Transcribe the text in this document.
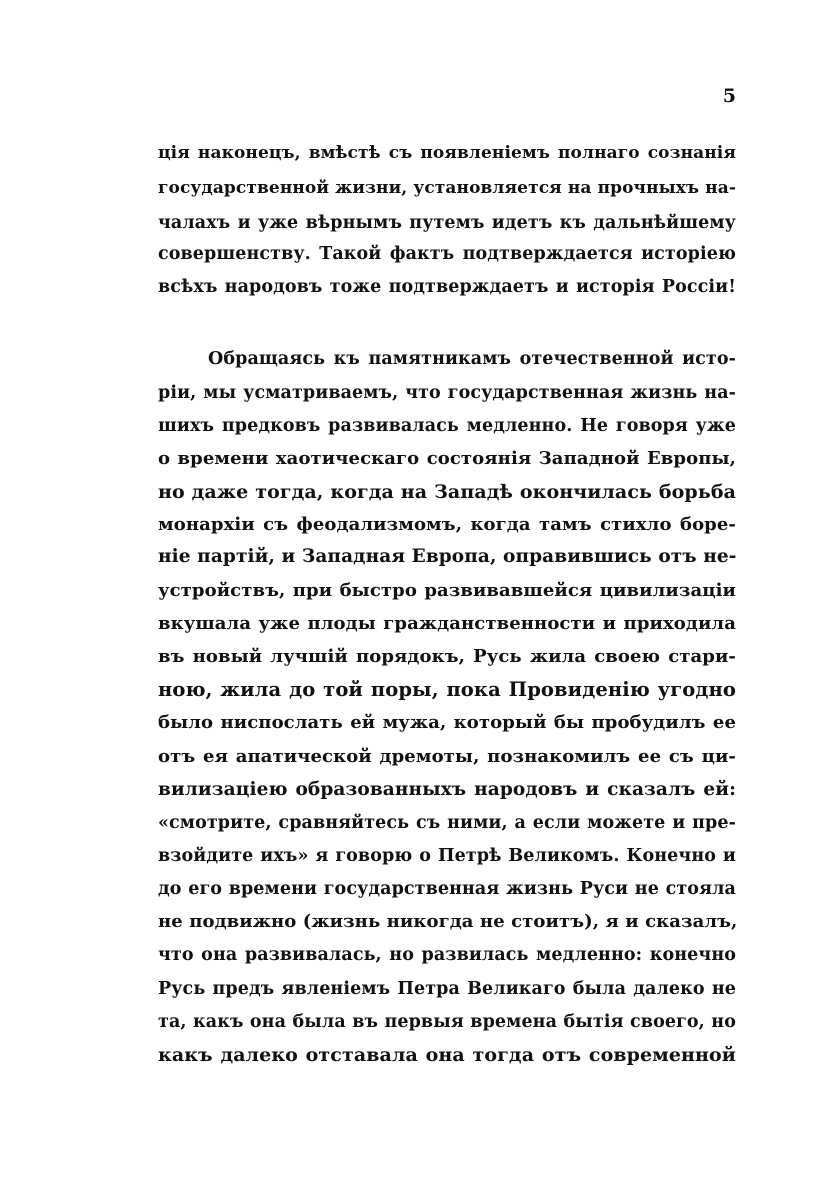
5
ція наконецъ, вмѣстѣ съ появленіемъ полнаго сознанія
государственной жизни, установляется на прочныхъ на-
чалахъ и уже вѣрнымъ путемъ идетъ къ дальнѣйшему
совершенству. Такой фактъ подтверждается исторіею
всѣхъ народовъ тоже подтверждаетъ и исторія Россіи!
Обращаясь къ памятникамъ отечественной исто-
ріи, мы усматриваемъ, что государственная жизнь на-
шихъ предковъ развивалась медленно. Не говоря уже
о времени хаотическаго состоянія Западной Европы,
но даже тогда, когда на Западѣ окончилась борьба
монархіи съ феодализмомъ, когда тамъ стихло боре-
ніе партій, и Западная Европа, оправившись отъ не-
устройствъ, при быстро развивавшейся цивилизаціи
вкушала уже плоды гражданственности и приходила
въ новый лучшій порядокъ, Русь жила своею стари-
ною, жила до той поры, пока Провиденію угодно
было ниспослать ей мужа, который бы пробудилъ ее
отъ ея апатической дремоты, познакомилъ ее съ ци-
вилизаціею образованныхъ народовъ и сказалъ ей:
«смотрите, сравняйтесь съ ними, а если можете и пре-
взойдите ихъ» я говорю о Петрѣ Великомъ. Конечно и
до его времени государственная жизнь Руси не стояла
не подвижно (жизнь никогда не стоитъ), я и сказалъ,
что она развивалась, но развилась медленно: конечно
Русь предъ явленіемъ Петра Великаго была далеко не
та, какъ она была въ первыя времена бытія своего, но
какъ далеко отставала она тогда отъ современной
